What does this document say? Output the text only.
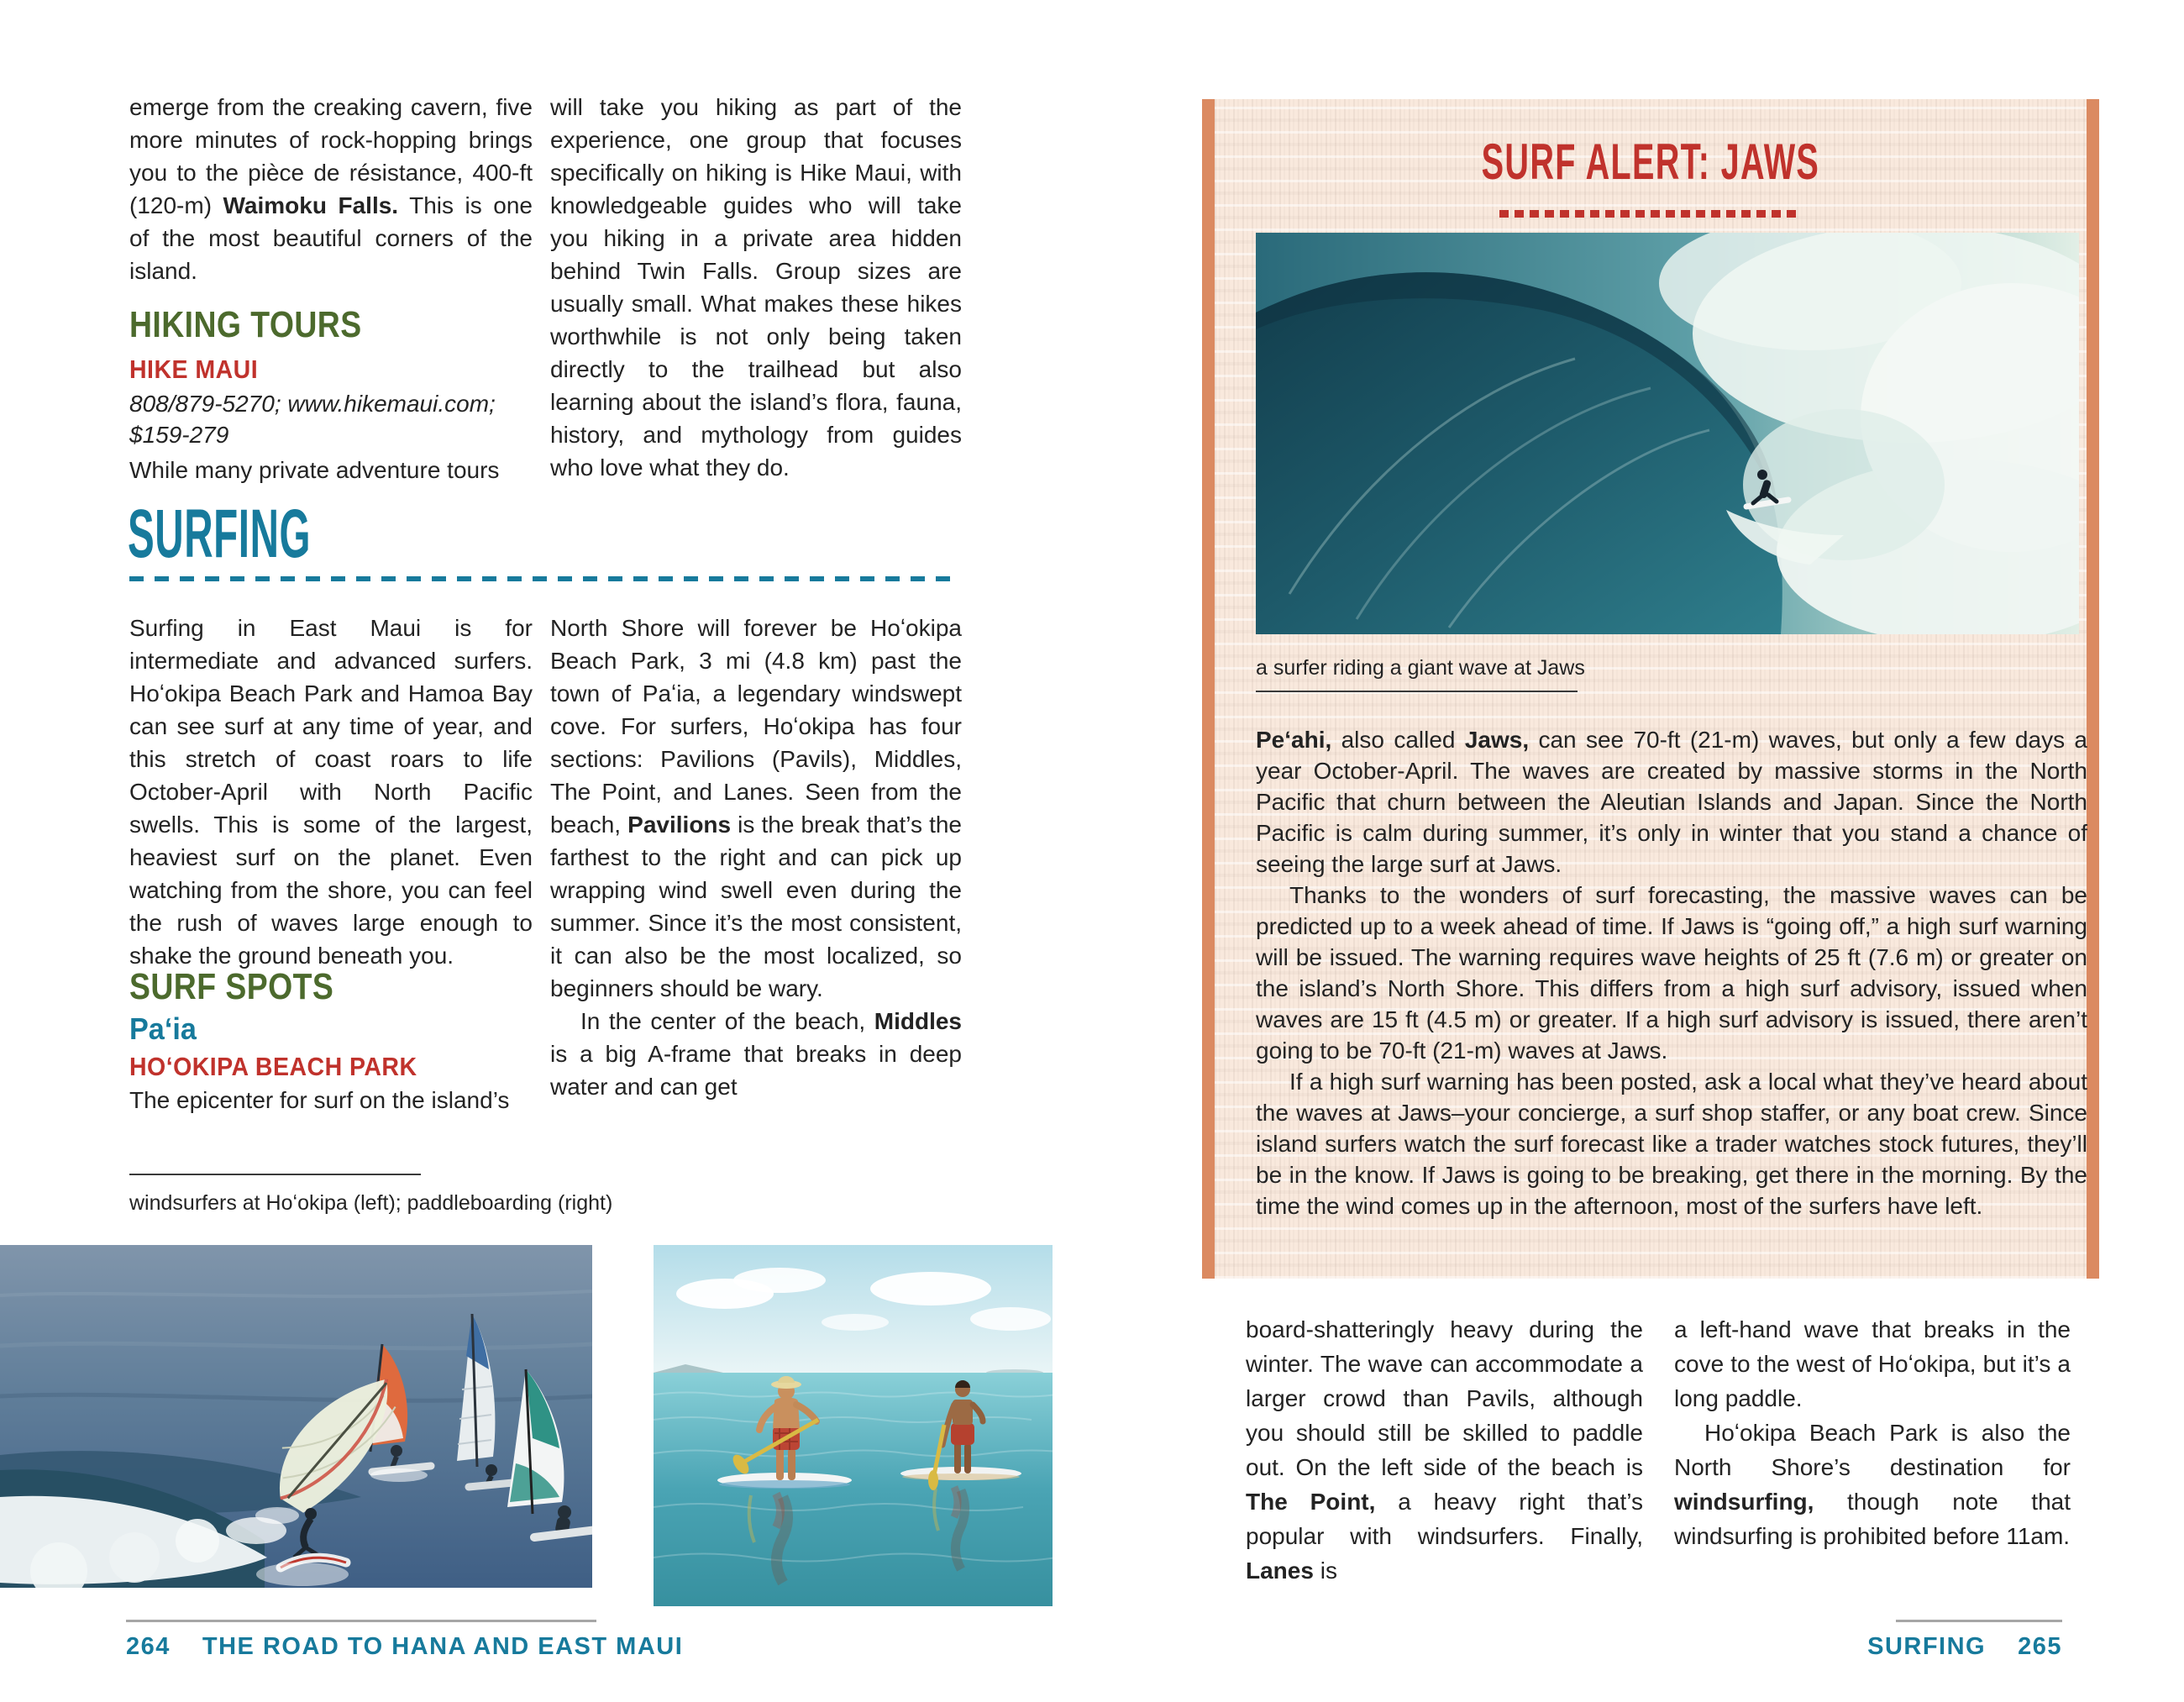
emerge from the creaking cavern, five more minutes of rock-hopping brings you to the pièce de résistance, 400-ft (120-m) Waimoku Falls. This is one of the most beautiful corners of the island.

HIKING TOURS
HIKE MAUI
808/879-5270; www.hikemaui.com; $159-279

While many private adventure tours

will take you hiking as part of the experience, one group that focuses specifically on hiking is Hike Maui, with knowledgeable guides who will take you hiking in a private area hidden behind Twin Falls. Group sizes are usually small. What makes these hikes worthwhile is not only being taken directly to the trailhead but also learning about the island’s flora, fauna, history, and mythology from guides who love what they do.

SURFING

Surfing in East Maui is for intermediate and advanced surfers. Hoʻokipa Beach Park and Hamoa Bay can see surf at any time of year, and this stretch of coast roars to life October-April with North Pacific swells. This is some of the largest, heaviest surf on the planet. Even watching from the shore, you can feel the rush of waves large enough to shake the ground beneath you.

North Shore will forever be Hoʻokipa Beach Park, 3 mi (4.8 km) past the town of Paʻia, a legendary windswept cove. For surfers, Hoʻokipa has four sections: Pavilions (Pavils), Middles, The Point, and Lanes. Seen from the beach, Pavilions is the break that’s the farthest to the right and can pick up wrapping wind swell even during the summer. Since it’s the most consistent, it can also be the most localized, so beginners should be wary.

In the center of the beach, Middles is a big A-frame that breaks in deep water and can get

SURF SPOTS
Paʻia
HOʻOKIPA BEACH PARK

The epicenter for surf on the island’s

windsurfers at Hoʻokipa (left); paddleboarding (right)
264 THE ROAD TO HANA AND EAST MAUI
SURF ALERT: JAWS
a surfer riding a giant wave at Jaws

Peʻahi, also called Jaws, can see 70-ft (21-m) waves, but only a few days a year October-April. The waves are created by massive storms in the North Pacific that churn between the Aleutian Islands and Japan. Since the North Pacific is calm during summer, it’s only in winter that you stand a chance of seeing the large surf at Jaws.

Thanks to the wonders of surf forecasting, the massive waves can be predicted up to a week ahead of time. If Jaws is “going off,” a high surf warning will be issued. The warning requires wave heights of 25 ft (7.6 m) or greater on the island’s North Shore. This differs from a high surf advisory, issued when waves are 15 ft (4.5 m) or greater. If a high surf advisory is issued, there aren’t going to be 70-ft (21-m) waves at Jaws.

If a high surf warning has been posted, ask a local what they’ve heard about the waves at Jaws–your concierge, a surf shop staffer, or any boat crew. Since island surfers watch the surf forecast like a trader watches stock futures, they’ll be in the know. If Jaws is going to be breaking, get there in the morning. By the time the wind comes up in the afternoon, most of the surfers have left.

board-shatteringly heavy during the winter. The wave can accommodate a larger crowd than Pavils, although you should still be skilled to paddle out. On the left side of the beach is The Point, a heavy right that’s popular with windsurfers. Finally, Lanes is

a left-hand wave that breaks in the cove to the west of Hoʻokipa, but it’s a long paddle.

Hoʻokipa Beach Park is also the North Shore’s destination for windsurfing, though note that windsurfing is prohibited before 11am.

SURFING 265
